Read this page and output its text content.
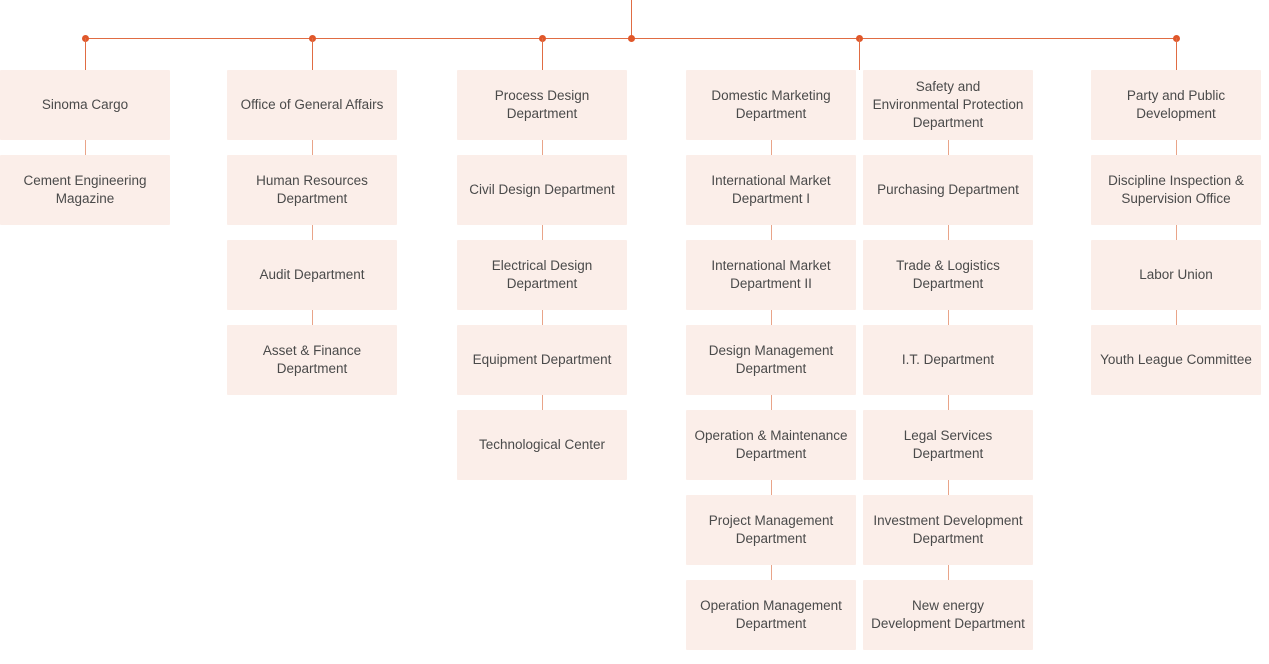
Sinoma Cargo
Cement Engineering Magazine
Office of General Affairs
Human Resources Department
Audit Department
Asset & Finance Department
Process Design Department
Civil Design Department
Electrical Design Department
Equipment Department
Technological Center
Domestic Marketing Department
International Market Department I
International Market Department II
Design Management Department
Operation & Maintenance Department
Project Management Department
Operation Management Department
Safety and Environmental Protection Department
Purchasing Department
Trade & Logistics Department
I.T. Department
Legal Services Department
Investment Development Department
New energy Development Department
Party and Public Development
Discipline Inspection & Supervision Office
Labor Union
Youth League Committee
